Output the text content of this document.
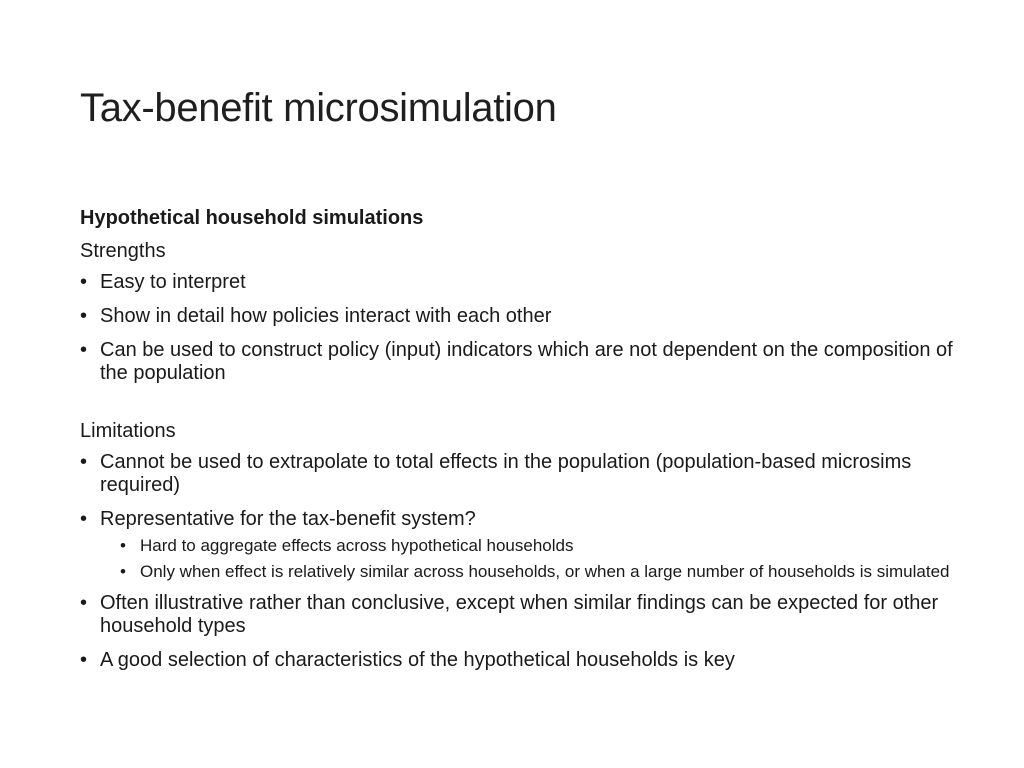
Tax-benefit microsimulation

Hypothetical household simulations

Strengths

• Easy to interpret
• Show in detail how policies interact with each other
• Can be used to construct policy (input) indicators which are not dependent on the composition of the population

Limitations

• Cannot be used to extrapolate to total effects in the population (population-based microsims required)
• Representative for the tax-benefit system?
• Hard to aggregate effects across hypothetical households
• Only when effect is relatively similar across households, or when a large number of households is simulated
• Often illustrative rather than conclusive, except when similar findings can be expected for other household types
• A good selection of characteristics of the hypothetical households is key
